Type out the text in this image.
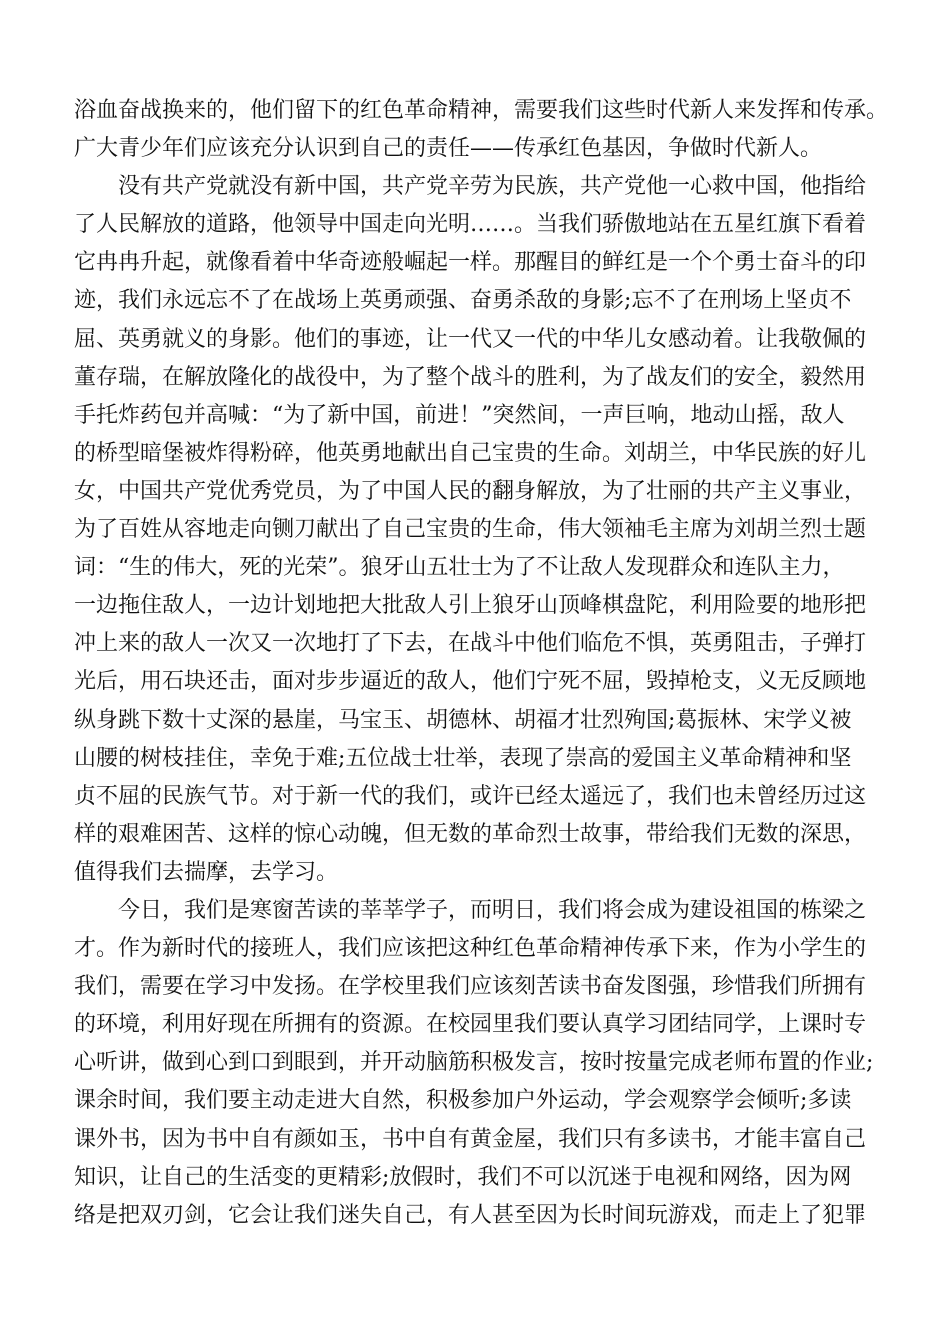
浴血奋战换来的，他们留下的红色革命精神，需要我们这些时代新人来发挥和传承。
广大青少年们应该充分认识到自己的责任——传承红色基因，争做时代新人。
　　没有共产党就没有新中国，共产党辛劳为民族，共产党他一心救中国，他指给
了人民解放的道路，他领导中国走向光明……。当我们骄傲地站在五星红旗下看着
它冉冉升起，就像看着中华奇迹般崛起一样。那醒目的鲜红是一个个勇士奋斗的印
迹，我们永远忘不了在战场上英勇顽强、奋勇杀敌的身影;忘不了在刑场上坚贞不
屈、英勇就义的身影。他们的事迹，让一代又一代的中华儿女感动着。让我敬佩的
董存瑞，在解放隆化的战役中，为了整个战斗的胜利，为了战友们的安全，毅然用
手托炸药包并高喊：“为了新中国，前进！”突然间，一声巨响，地动山摇，敌人
的桥型暗堡被炸得粉碎，他英勇地献出自己宝贵的生命。刘胡兰，中华民族的好儿
女，中国共产党优秀党员，为了中国人民的翻身解放，为了壮丽的共产主义事业，
为了百姓从容地走向铡刀献出了自己宝贵的生命，伟大领袖毛主席为刘胡兰烈士题
词：“生的伟大，死的光荣”。狼牙山五壮士为了不让敌人发现群众和连队主力，
一边拖住敌人，一边计划地把大批敌人引上狼牙山顶峰棋盘陀，利用险要的地形把
冲上来的敌人一次又一次地打了下去，在战斗中他们临危不惧，英勇阻击，子弹打
光后，用石块还击，面对步步逼近的敌人，他们宁死不屈，毁掉枪支，义无反顾地
纵身跳下数十丈深的悬崖，马宝玉、胡德林、胡福才壮烈殉国;葛振林、宋学义被
山腰的树枝挂住，幸免于难;五位战士壮举，表现了崇高的爱国主义革命精神和坚
贞不屈的民族气节。对于新一代的我们，或许已经太遥远了，我们也未曾经历过这
样的艰难困苦、这样的惊心动魄，但无数的革命烈士故事，带给我们无数的深思，
值得我们去揣摩，去学习。
　　今日，我们是寒窗苦读的莘莘学子，而明日，我们将会成为建设祖国的栋梁之
才。作为新时代的接班人，我们应该把这种红色革命精神传承下来，作为小学生的
我们，需要在学习中发扬。在学校里我们应该刻苦读书奋发图强，珍惜我们所拥有
的环境，利用好现在所拥有的资源。在校园里我们要认真学习团结同学，上课时专
心听讲，做到心到口到眼到，并开动脑筋积极发言，按时按量完成老师布置的作业;
课余时间，我们要主动走进大自然，积极参加户外运动，学会观察学会倾听;多读
课外书，因为书中自有颜如玉，书中自有黄金屋，我们只有多读书，才能丰富自己
知识，让自己的生活变的更精彩;放假时，我们不可以沉迷于电视和网络，因为网
络是把双刃剑，它会让我们迷失自己，有人甚至因为长时间玩游戏，而走上了犯罪
